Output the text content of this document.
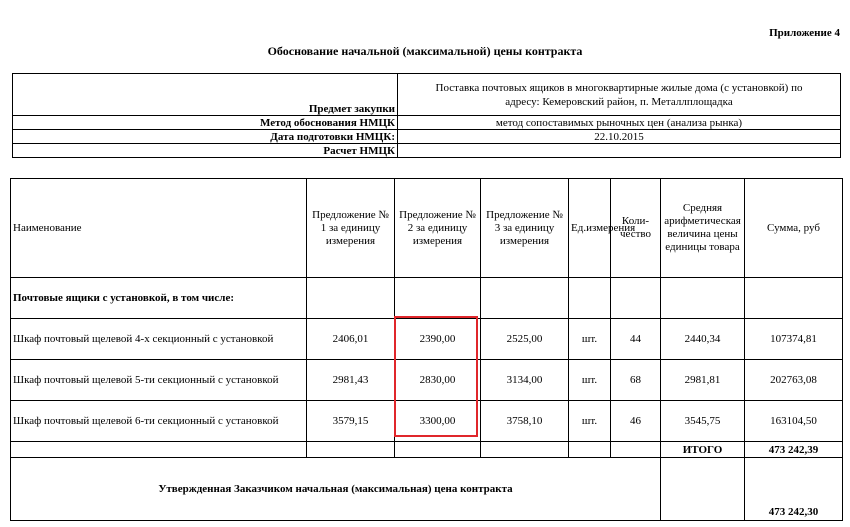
Приложение 4
Обоснование начальной (максимальной) цены контракта
Предмет закупки	Поставка почтовых ящиков в многоквартирные жилые дома (с установкой) по
адресу: Кемеровский район, п. Металлплощадка

Метод обоснования НМЦК	метод сопоставимых рыночных цен (анализа рынка)
Дата подготовки НМЦК:	22.10.2015
Расчет НМЦК	
Наименование	Предложение № 1 за единицу измерения	Предложение № 2 за единицу измерения	Предложение № 3 за единицу измерения	Ед.измерения	Коли-чество	Средняя арифметическая величина цены единицы товара	Сумма, руб
Почтовые ящики с установкой, в том числе:							
Шкаф почтовый щелевой 4-х секционный с установкой	2406,01	2390,00	2525,00	шт.	44	2440,34	107374,81
Шкаф почтовый щелевой 5-ти секционный с установкой	2981,43	2830,00	3134,00	шт.	68	2981,81	202763,08
Шкаф почтовый щелевой 6-ти секционный с установкой	3579,15	3300,00	3758,10	шт.	46	3545,75	163104,50
						ИТОГО	473 242,39
Утвержденная Заказчиком начальная (максимальная) цена контракта							473 242,30
